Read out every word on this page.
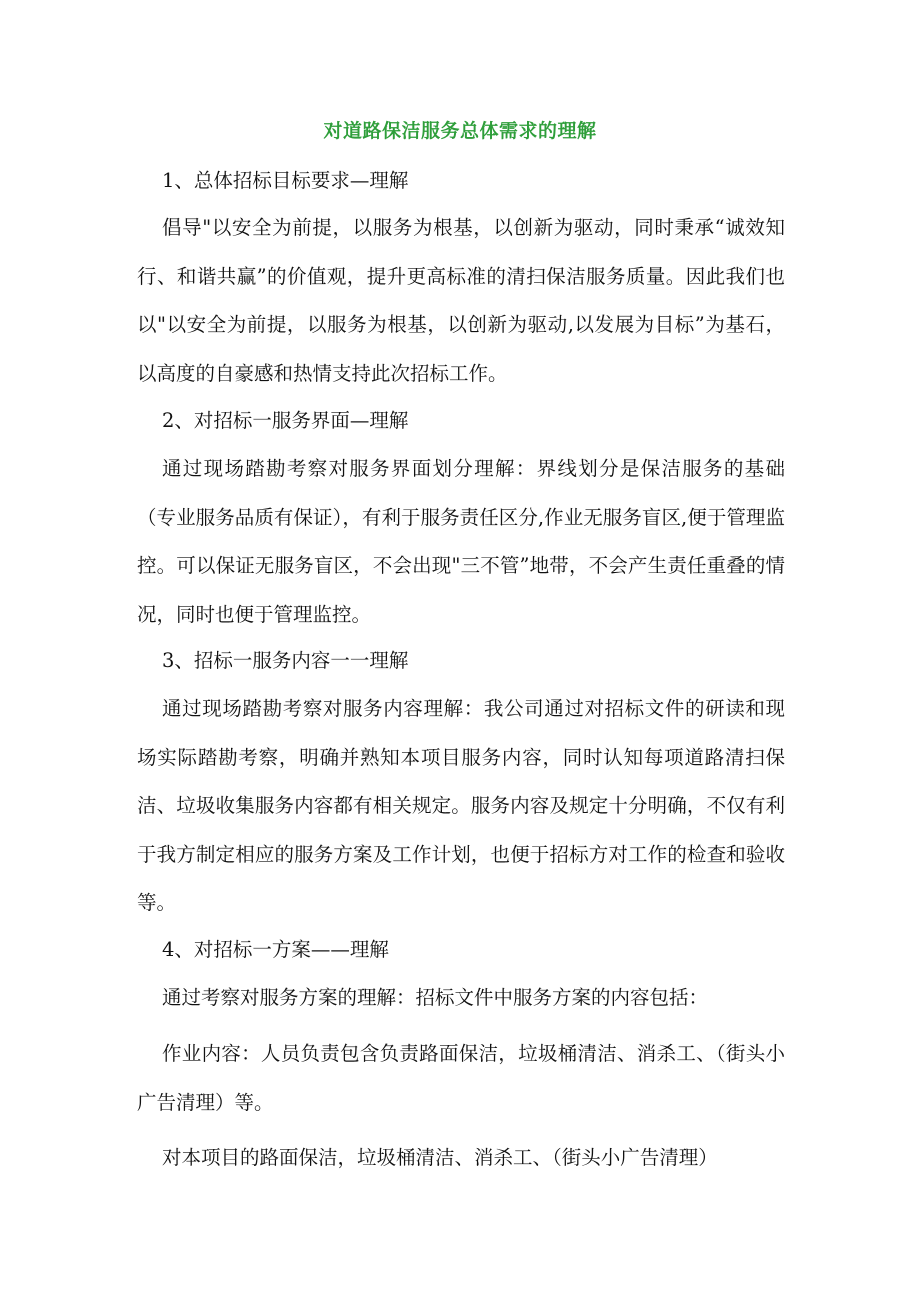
对道路保洁服务总体需求的理解
1、总体招标目标要求—理解
倡导"以安全为前提，以服务为根基，以创新为驱动，同时秉承“诚效知行、和谐共赢”的价值观，提升更高标准的清扫保洁服务质量。因此我们也以"以安全为前提，以服务为根基，以创新为驱动,以发展为目标”为基石，以高度的自豪感和热情支持此次招标工作。
2、对招标一服务界面—理解
通过现场踏勘考察对服务界面划分理解：界线划分是保洁服务的基础（专业服务品质有保证），有利于服务责任区分,作业无服务盲区,便于管理监控。可以保证无服务盲区，不会出现"三不管”地带，不会产生责任重叠的情况，同时也便于管理监控。
3、招标一服务内容一一理解
通过现场踏勘考察对服务内容理解：我公司通过对招标文件的研读和现场实际踏勘考察，明确并熟知本项目服务内容，同时认知每项道路清扫保洁、垃圾收集服务内容都有相关规定。服务内容及规定十分明确，不仅有利于我方制定相应的服务方案及工作计划，也便于招标方对工作的检查和验收等。
4、对招标一方案——理解
通过考察对服务方案的理解：招标文件中服务方案的内容包括：
作业内容：人员负责包含负责路面保洁，垃圾桶清洁、消杀工、（街头小广告清理）等。
对本项目的路面保洁，垃圾桶清洁、消杀工、（街头小广告清理）
